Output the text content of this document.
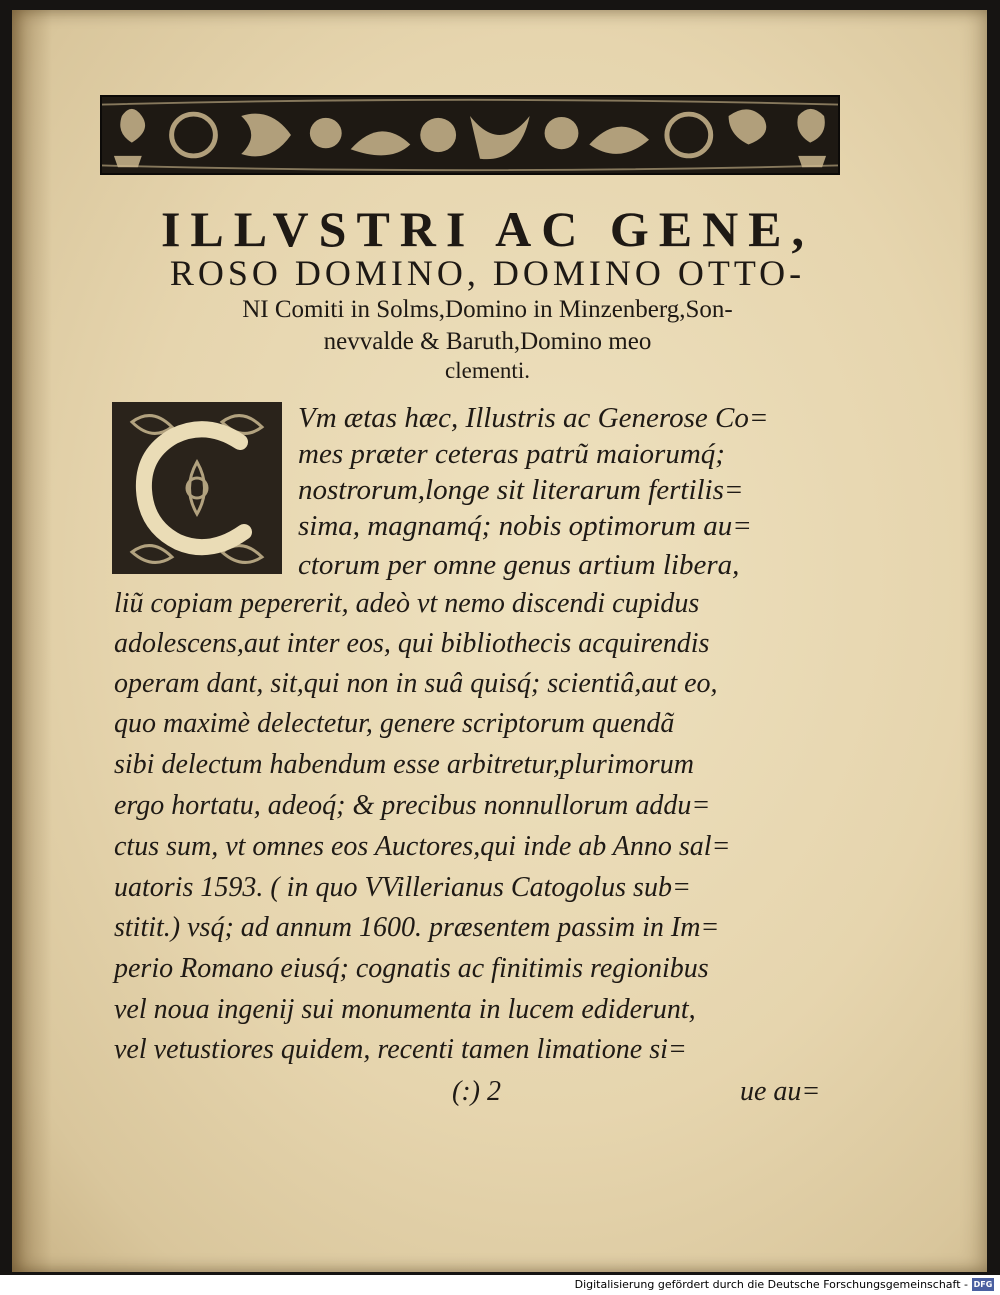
ILLVSTRI AC GENE,
ROSO DOMINO, DOMINO OTTO-
NI Comiti in Solms,Domino in Minzenberg,Son-
nevvalde & Baruth,Domino meo
clementi.
Vm ætas hæc, Illustris ac Generose Co=
mes præter ceteras patrũ maiorumq́;
nostrorum,longe sit literarum fertilis=
sima, magnamq́; nobis optimorum au=
ctorum per omne genus artium libera,
liũ copiam pepererit, adeò vt nemo discendi cupidus
adolescens,aut inter eos, qui bibliothecis acquirendis
operam dant, sit,qui non in suâ quisq́; scientiâ,aut eo,
quo maximè delectetur, genere scriptorum quendã
sibi delectum habendum esse arbitretur,plurimorum
ergo hortatu, adeoq́; & precibus nonnullorum addu=
ctus sum, vt omnes eos Auctores,qui inde ab Anno sal=
uatoris 1593. ( in quo VVillerianus Catogolus sub=
stitit.) vsq́; ad annum 1600. præsentem passim in Im=
perio Romano eiusq́; cognatis ac finitimis regionibus
vel noua ingenij sui monumenta in lucem ediderunt,
vel vetustiores quidem, recenti tamen limatione si=
(:) 2	ue au=
Digitalisierung gefördert durch die Deutsche Forschungsgemeinschaft - DFG
